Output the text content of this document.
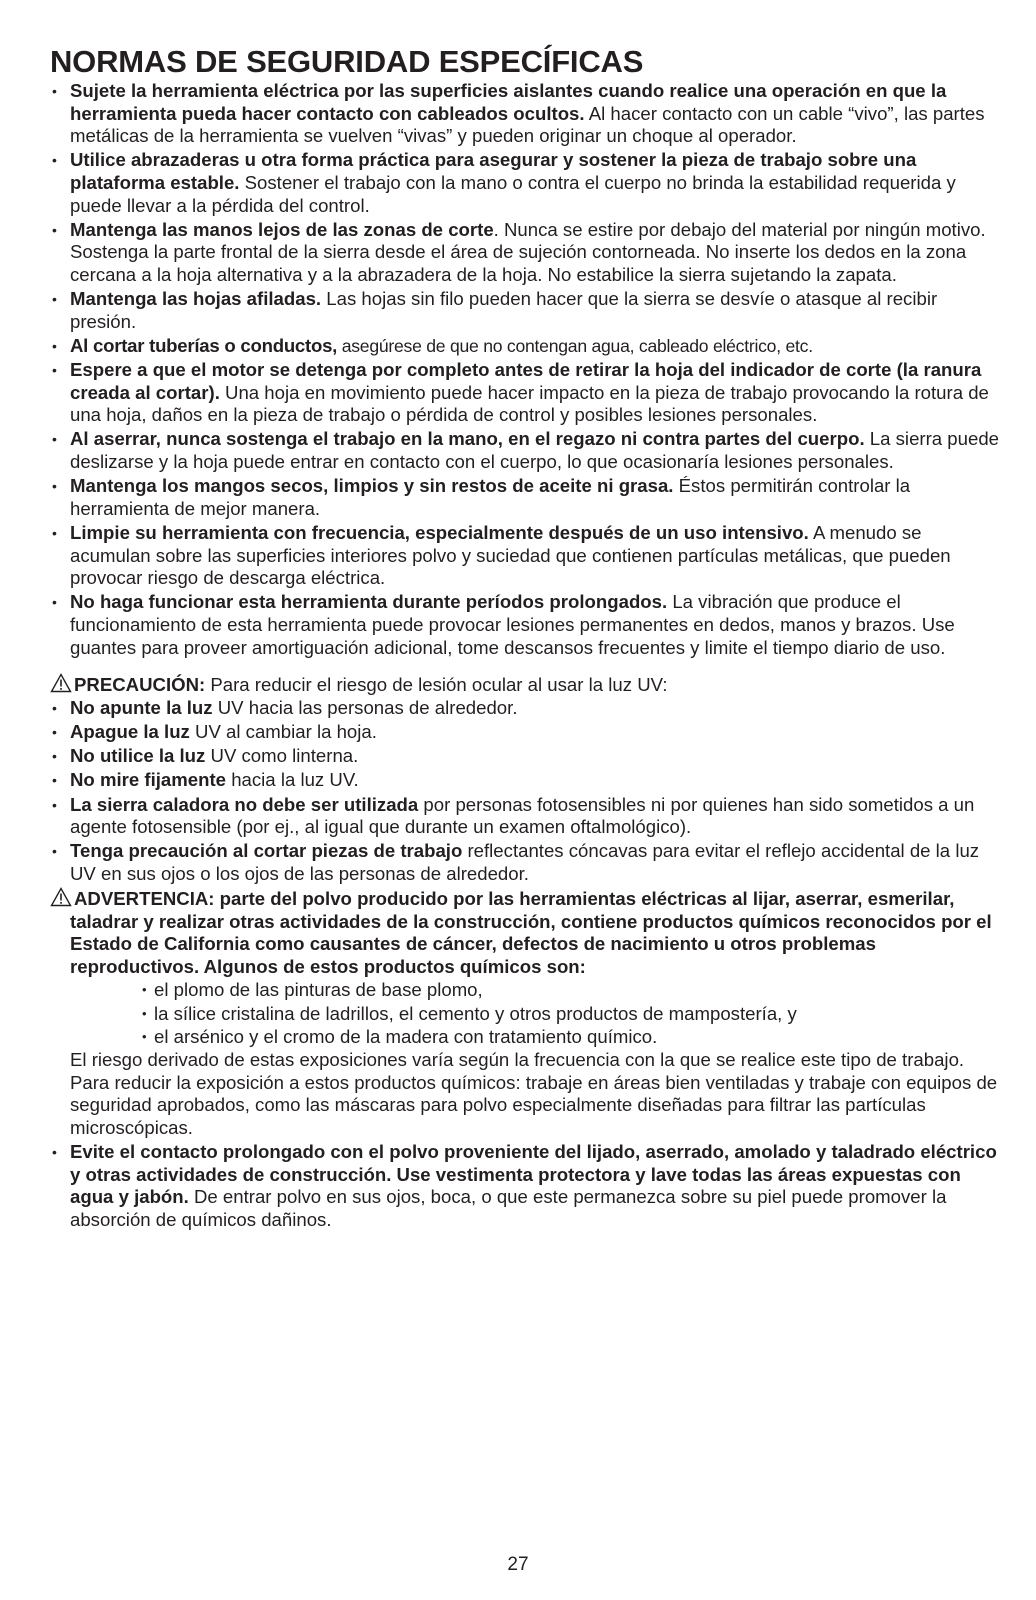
NORMAS DE SEGURIDAD ESPECÍFICAS
• Sujete la herramienta eléctrica por las superficies aislantes cuando realice una operación en que la herramienta pueda hacer contacto con cableados ocultos. Al hacer contacto con un cable “vivo”, las partes metálicas de la herramienta se vuelven “vivas” y pueden originar un choque al operador.
• Utilice abrazaderas u otra forma práctica para asegurar y sostener la pieza de trabajo sobre una plataforma estable. Sostener el trabajo con la mano o contra el cuerpo no brinda la estabilidad requerida y puede llevar a la pérdida del control.
• Mantenga las manos lejos de las zonas de corte. Nunca se estire por debajo del material por ningún motivo. Sostenga la parte frontal de la sierra desde el área de sujeción contorneada. No inserte los dedos en la zona cercana a la hoja alternativa y a la abrazadera de la hoja. No estabilice la sierra sujetando la zapata.
• Mantenga las hojas afiladas. Las hojas sin filo pueden hacer que la sierra se desvíe o atasque al recibir presión.
• Al cortar tuberías o conductos, asegúrese de que no contengan agua, cableado eléctrico, etc.
• Espere a que el motor se detenga por completo antes de retirar la hoja del indicador de corte (la ranura creada al cortar). Una hoja en movimiento puede hacer impacto en la pieza de trabajo provocando la rotura de una hoja, daños en la pieza de trabajo o pérdida de control y posibles lesiones personales.
• Al aserrar, nunca sostenga el trabajo en la mano, en el regazo ni contra partes del cuerpo. La sierra puede deslizarse y la hoja puede entrar en contacto con el cuerpo, lo que ocasionaría lesiones personales.
• Mantenga los mangos secos, limpios y sin restos de aceite ni grasa. Éstos permitirán controlar la herramienta de mejor manera.
• Limpie su herramienta con frecuencia, especialmente después de un uso intensivo. A menudo se acumulan sobre las superficies interiores polvo y suciedad que contienen partículas metálicas, que pueden provocar riesgo de descarga eléctrica.
• No haga funcionar esta herramienta durante períodos prolongados. La vibración que produce el funcionamiento de esta herramienta puede provocar lesiones permanentes en dedos, manos y brazos. Use guantes para proveer amortiguación adicional, tome descansos frecuentes y limite el tiempo diario de uso.
PRECAUCIÓN: Para reducir el riesgo de lesión ocular al usar la luz UV:
• No apunte la luz UV hacia las personas de alrededor.
• Apague la luz UV al cambiar la hoja.
• No utilice la luz UV como linterna.
• No mire fijamente hacia la luz UV.
• La sierra caladora no debe ser utilizada por personas fotosensibles ni por quienes han sido sometidos a un agente fotosensible (por ej., al igual que durante un examen oftalmológico).
• Tenga precaución al cortar piezas de trabajo reflectantes cóncavas para evitar el reflejo accidental de la luz UV en sus ojos o los ojos de las personas de alrededor.
ADVERTENCIA: parte del polvo producido por las herramientas eléctricas al lijar, aserrar, esmerilar, taladrar y realizar otras actividades de la construcción, contiene productos químicos reconocidos por el Estado de California como causantes de cáncer, defectos de nacimiento u otros problemas reproductivos. Algunos de estos productos químicos son:
• el plomo de las pinturas de base plomo,
• la sílice cristalina de ladrillos, el cemento y otros productos de mampostería, y
• el arsénico y el cromo de la madera con tratamiento químico.
El riesgo derivado de estas exposiciones varía según la frecuencia con la que se realice este tipo de trabajo. Para reducir la exposición a estos productos químicos: trabaje en áreas bien ventiladas y trabaje con equipos de seguridad aprobados, como las máscaras para polvo especialmente diseñadas para filtrar las partículas microscópicas.
• Evite el contacto prolongado con el polvo proveniente del lijado, aserrado, amolado y taladrado eléctrico y otras actividades de construcción. Use vestimenta protectora y lave todas las áreas expuestas con agua y jabón. De entrar polvo en sus ojos, boca, o que este permanezca sobre su piel puede promover la absorción de químicos dañinos.
27
